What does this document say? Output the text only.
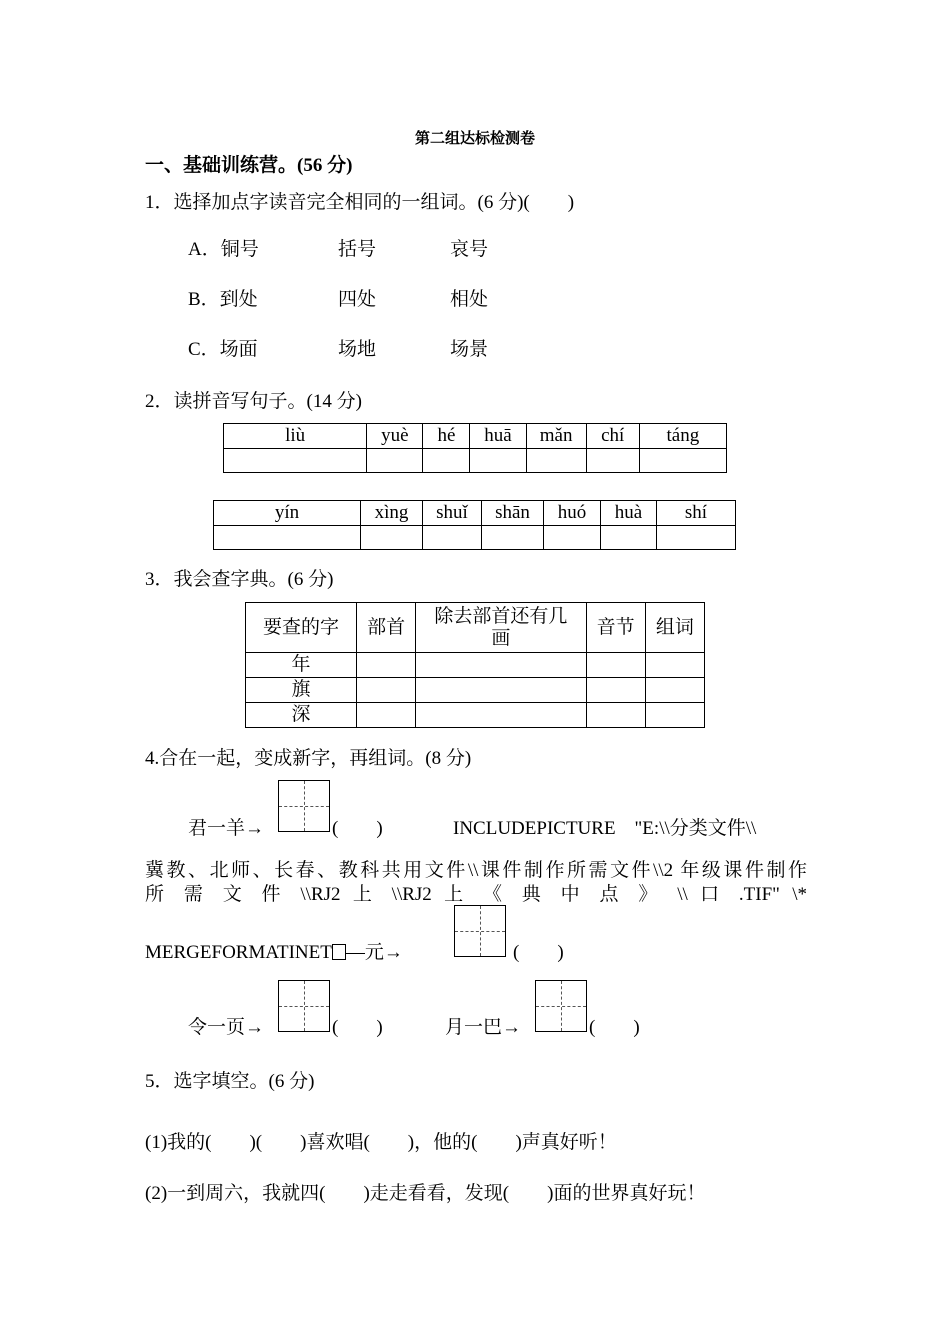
第二组达标检测卷
一、基础训练营。(56 分)
1．选择加点字读音完全相同的一组词。(6 分)(　　)
A．铜号	括号	哀号
B．到处	四处	相处
C．场面	场地	场景
2．读拼音写句子。(14 分)
liù	yuè	hé	huā	mǎn	chí	táng

yín	xìng	shuǐ	shān	huó	huà	shí

3．我会查字典。(6 分)
要查的字	部首	除去部首还有几画	音节	组词
年				
旗				
深				
4.合在一起，变成新字，再组词。(8 分)
君一羊→	(　　)	INCLUDEPICTURE　"E:\\分类文件\\
冀教、北师、长春、教科共用文件\\课件制作所需文件\\2 年级课件制作
所 需 文 件 \\RJ2 上 \\RJ2 上 《 典 中 点 》 \\ 口 .TIF" \*
MERGEFORMATINET —元→	(　　)
令一页→	(　　)	月一巴→	(　　)
5．选字填空。(6 分)
(1)我的(　　)(　　)喜欢唱(　　)，他的(　　)声真好听！
(2)一到周六，我就四(　　)走走看看，发现(　　)面的世界真好玩！
